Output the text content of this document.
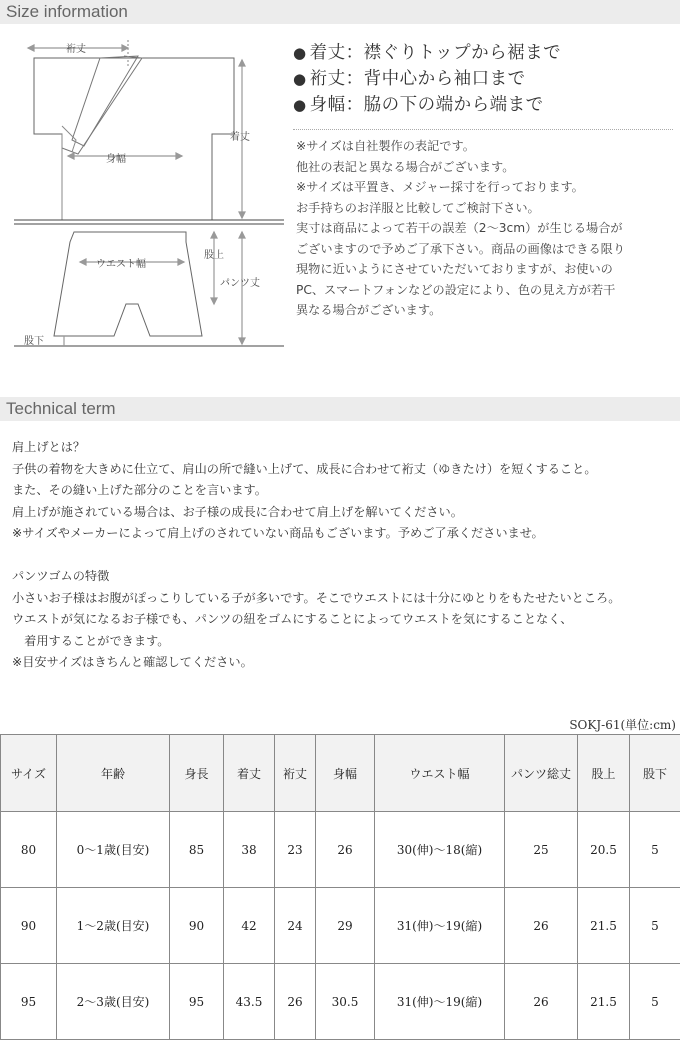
Size information
裄丈
着丈
身幅
ウエスト幅
股上
パンツ丈
股下
● 着丈：襟ぐりトップから裾まで
● 裄丈：背中心から袖口まで
● 身幅：脇の下の端から端まで

※サイズは自社製作の表記です。

他社の表記と異なる場合がございます。

※サイズは平置き、メジャー採寸を行っております。

お手持ちのお洋服と比較してご検討下さい。

実寸は商品によって若干の誤差（2〜3cm）が生じる場合が

ございますので予めご了承下さい。商品の画像はできる限り

現物に近いようにさせていただいておりますが、お使いの

PC、スマートフォンなどの設定により、色の見え方が若干

異なる場合がございます。

Technical term

肩上げとは？

子供の着物を大きめに仕立て、肩山の所で縫い上げて、成長に合わせて裄丈（ゆきたけ）を短くすること。

また、その縫い上げた部分のことを言います。

肩上げが施されている場合は、お子様の成長に合わせて肩上げを解いてください。

※サイズやメーカーによって肩上げのされていない商品もございます。予めご了承くださいませ。

パンツゴムの特徴

小さいお子様はお腹がぽっこりしている子が多いです。そこでウエストには十分にゆとりをもたせたいところ。

ウエストが気になるお子様でも、パンツの紐をゴムにすることによってウエストを気にすることなく、

　着用することができます。

※目安サイズはきちんと確認してください。

SOKJ-61(単位:cm)
サイズ	年齢	身長	着丈	裄丈	身幅	ウエスト幅	パンツ総丈	股上	股下
80	0〜1歳(目安)	85	38	23	26	30(伸)〜18(縮)	25	20.5	5
90	1〜2歳(目安)	90	42	24	29	31(伸)〜19(縮)	26	21.5	5
95	2〜3歳(目安)	95	43.5	26	30.5	31(伸)〜19(縮)	26	21.5	5
